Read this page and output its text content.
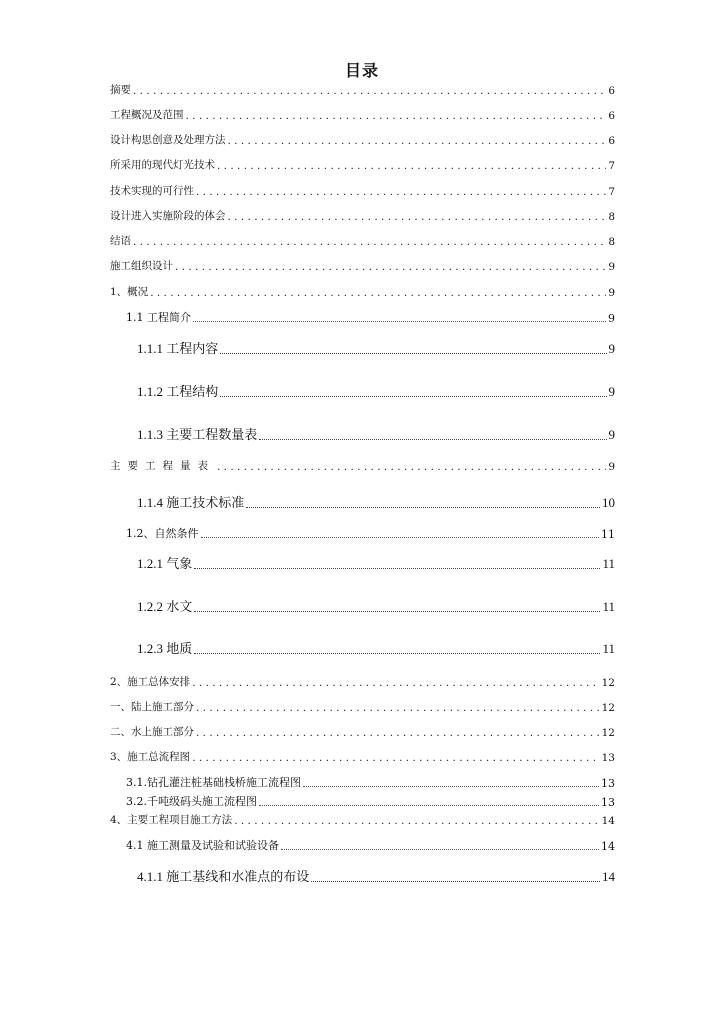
目录
摘要 . . .	6
工程概况及范围 . . .	6
设计构思创意及处理方法 . . .	6
所采用的现代灯光技术 . . .	7
技术实现的可行性 . . .	7
设计进入实施阶段的体会 . . .	8
结语 . . .	8
施工组织设计 . . .	9
1、概况 . . .	9
1.1 工程简介	9
1.1.1 工程内容	9
1.1.2 工程结构	9
1.1.3 主要工程数量表	9
主要工程量表 . . .	9
1.1.4 施工技术标准	10
1.2、自然条件	11
1.2.1 气象	11
1.2.2 水文	11
1.2.3 地质	11
2、施工总体安排 . . .	12
一、陆上施工部分 . . .	12
二、水上施工部分 . . .	12
3、施工总流程图 . . .	13
3.1.钻孔灌注桩基础栈桥施工流程图	13
3.2.千吨级码头施工流程图	13
4、主要工程项目施工方法 . . .	14
4.1 施工测量及试验和试验设备	14
4.1.1 施工基线和水准点的布设	14
